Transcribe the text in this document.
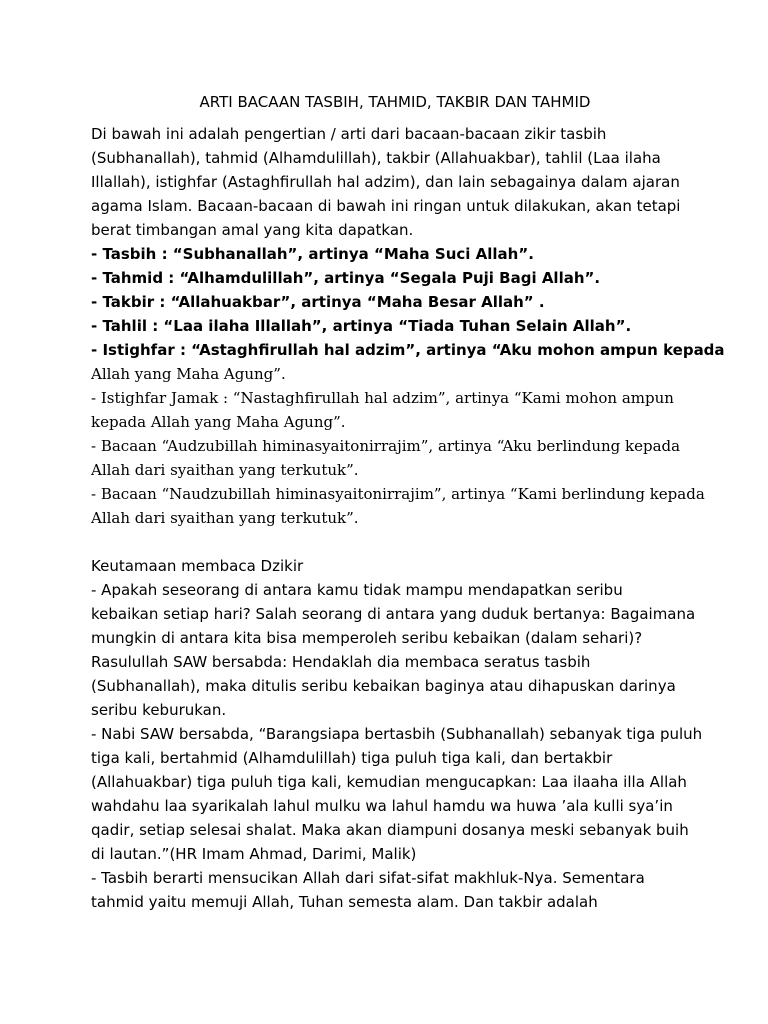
ARTI BACAAN TASBIH, TAHMID, TAKBIR DAN TAHMID
Di bawah ini adalah pengertian / arti dari bacaan-bacaan zikir tasbih
(Subhanallah), tahmid (Alhamdulillah), takbir (Allahuakbar), tahlil (Laa ilaha
Illallah), istighfar (Astaghfirullah hal adzim), dan lain sebagainya dalam ajaran
agama Islam. Bacaan-bacaan di bawah ini ringan untuk dilakukan, akan tetapi
berat timbangan amal yang kita dapatkan.
- Tasbih : “Subhanallah”, artinya “Maha Suci Allah”.
- Tahmid : “Alhamdulillah”, artinya “Segala Puji Bagi Allah”.
- Takbir : “Allahuakbar”, artinya “Maha Besar Allah” .
- Tahlil : “Laa ilaha Illallah”, artinya “Tiada Tuhan Selain Allah”.
- Istighfar : “Astaghfirullah hal adzim”, artinya “Aku mohon ampun kepada
Allah yang Maha Agung”.
- Istighfar Jamak : “Nastaghfirullah hal adzim”, artinya “Kami mohon ampun
kepada Allah yang Maha Agung”.
- Bacaan “Audzubillah himinasyaitonirrajim”, artinya “Aku berlindung kepada
Allah dari syaithan yang terkutuk”.
- Bacaan “Naudzubillah himinasyaitonirrajim”, artinya “Kami berlindung kepada
Allah dari syaithan yang terkutuk”.
Keutamaan membaca Dzikir
- Apakah seseorang di antara kamu tidak mampu mendapatkan seribu
kebaikan setiap hari? Salah seorang di antara yang duduk bertanya: Bagaimana
mungkin di antara kita bisa memperoleh seribu kebaikan (dalam sehari)?
Rasulullah SAW bersabda: Hendaklah dia membaca seratus tasbih
(Subhanallah), maka ditulis seribu kebaikan baginya atau dihapuskan darinya
seribu keburukan.
- Nabi SAW bersabda, “Barangsiapa bertasbih (Subhanallah) sebanyak tiga puluh
tiga kali, bertahmid (Alhamdulillah) tiga puluh tiga kali, dan bertakbir
(Allahuakbar) tiga puluh tiga kali, kemudian mengucapkan: Laa ilaaha illa Allah
wahdahu laa syarikalah lahul mulku wa lahul hamdu wa huwa ’ala kulli sya’in
qadir, setiap selesai shalat. Maka akan diampuni dosanya meski sebanyak buih
di lautan.”(HR Imam Ahmad, Darimi, Malik)
- Tasbih berarti mensucikan Allah dari sifat-sifat makhluk-Nya. Sementara
tahmid yaitu memuji Allah, Tuhan semesta alam. Dan takbir adalah
